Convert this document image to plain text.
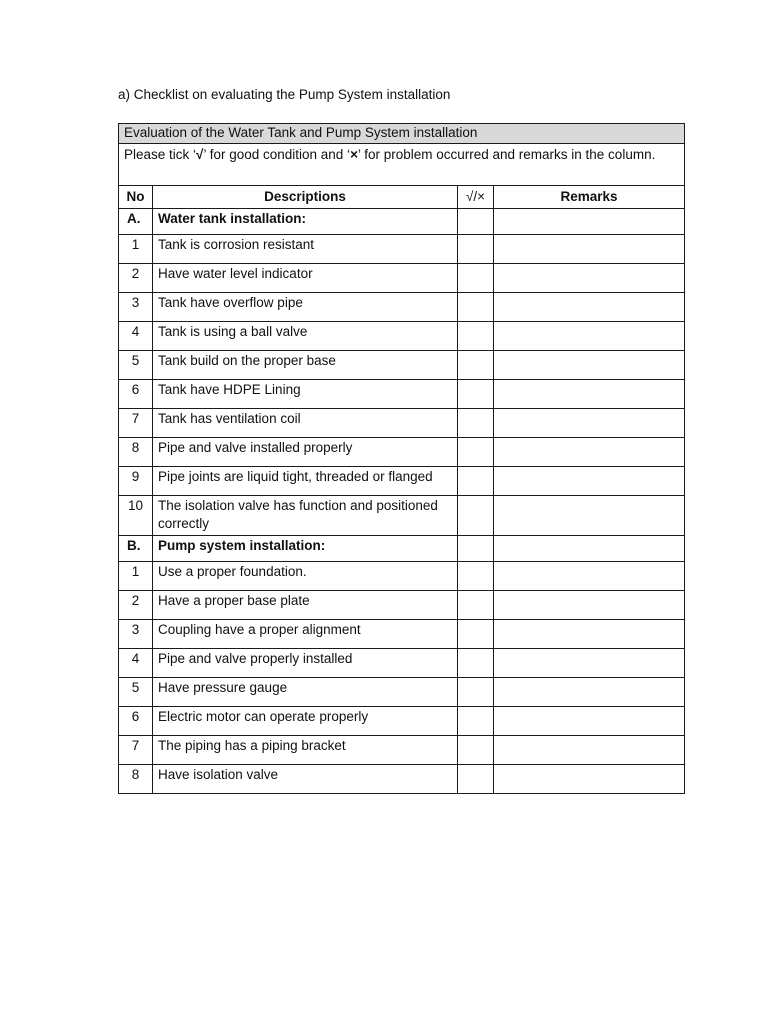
a) Checklist on evaluating the Pump System installation
Evaluation of the Water Tank and Pump System installation			
Please tick ‘√’ for good condition and ‘×’ for problem occurred and remarks in the column.			
No	Descriptions	√/×	Remarks
A.	Water tank installation:		
1	Tank is corrosion resistant		
2	Have water level indicator		
3	Tank have overflow pipe		
4	Tank is using a ball valve		
5	Tank build on the proper base		
6	Tank have HDPE Lining		
7	Tank has ventilation coil		
8	Pipe and valve installed properly		
9	Pipe joints are liquid tight, threaded or flanged		
10	The isolation valve has function and positioned correctly		
B.	Pump system installation:		
1	Use a proper foundation.		
2	Have a proper base plate		
3	Coupling have a proper alignment		
4	Pipe and valve properly installed		
5	Have pressure gauge		
6	Electric motor can operate properly		
7	The piping has a piping bracket		
8	Have isolation valve		
